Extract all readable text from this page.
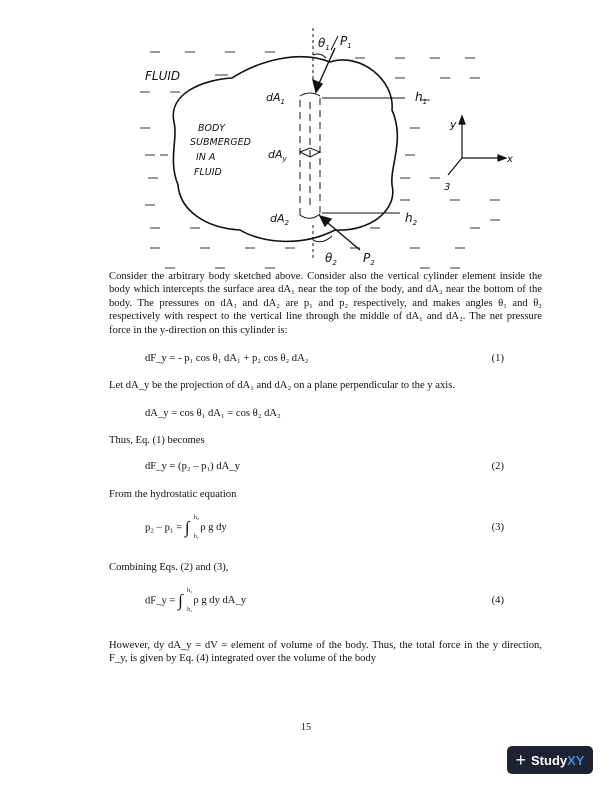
FLUID
BODY
SUBMERGED
IN A
FLUID
$dA_1$
$dA_y$
$dA_2$
$\theta_1$ $P_1$
$\theta_2$ $P_2$
$h_1$
$h_2$
y
x
3

Consider the arbitrary body sketched above. Consider also the vertical cylinder element inside the body which intercepts the surface area dA₁ near the top of the body, and dA₂ near the bottom of the body. The pressures on dA₁ and dA₂ are p₁ and p₂ respectively, and makes angles θ₁ and θ₂ respectively with respect to the vertical line through the middle of dA₁ and dA₂. The net pressure force in the y-direction on this cylinder is:

dF_y = - p₁ cos θ₁ dA₁ + p₂ cos θ₂ dA₂	(1)

Let dA_y be the projection of dA₁ and dA₂ on a plane perpendicular to the y axis.

dA_y = cos θ₁ dA₁ = cos θ₂ dA₂

Thus, Eq. (1) becomes

dF_y = (p₂ – p₁) dA_y	(2)

From the hydrostatic equation

p₂ – p₁ = ∫ h₂
h₁
ρ g dy	(3)

Combining Eqs. (2) and (3),

dF_y = ∫ h₂
h₁
ρ g dy dA_y	(4)

However, dy dA_y = dV = element of volume of the body. Thus, the total force in the y direction, F_y, is given by Eq. (4) integrated over the volume of the body

15
+ Study XY
